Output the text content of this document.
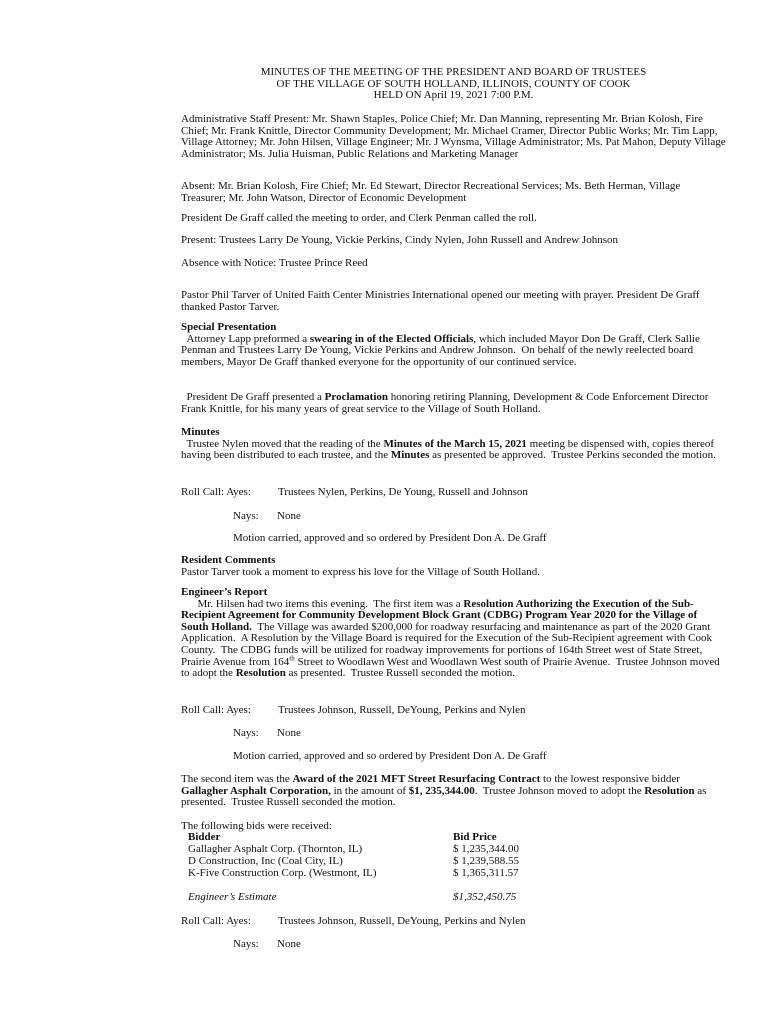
MINUTES OF THE MEETING OF THE PRESIDENT AND BOARD OF TRUSTEES
OF THE VILLAGE OF SOUTH HOLLAND, ILLINOIS, COUNTY OF COOK
HELD ON April 19, 2021 7:00 P.M.

Administrative Staff Present: Mr. Shawn Staples, Police Chief; Mr. Dan Manning, representing Mr. Brian Kolosh, Fire Chief; Mr. Frank Knittle, Director Community Development; Mr. Michael Cramer, Director Public Works; Mr. Tim Lapp, Village Attorney; Mr. John Hilsen, Village Engineer; Mr. J Wynsma, Village Administrator; Ms. Pat Mahon, Deputy Village Administrator; Ms. Julia Huisman, Public Relations and Marketing Manager

Absent: Mr. Brian Kolosh, Fire Chief; Mr. Ed Stewart, Director Recreational Services; Ms. Beth Herman, Village Treasurer; Mr. John Watson, Director of Economic Development

President De Graff called the meeting to order, and Clerk Penman called the roll.

Present: Trustees Larry De Young, Vickie Perkins, Cindy Nylen, John Russell and Andrew Johnson

Absence with Notice: Trustee Prince Reed

Pastor Phil Tarver of United Faith Center Ministries International opened our meeting with prayer. President De Graff thanked Pastor Tarver.

Special Presentation
Attorney Lapp preformed a swearing in of the Elected Officials, which included Mayor Don De Graff, Clerk Sallie Penman and Trustees Larry De Young, Vickie Perkins and Andrew Johnson.  On behalf of the newly reelected board members, Mayor De Graff thanked everyone for the opportunity of our continued service.
President De Graff presented a Proclamation honoring retiring Planning, Development & Code Enforcement Director Frank Knittle, for his many years of great service to the Village of South Holland.
Minutes
Trustee Nylen moved that the reading of the Minutes of the March 15, 2021 meeting be dispensed with, copies thereof having been distributed to each trustee, and the Minutes as presented be approved.  Trustee Perkins seconded the motion.
Roll Call: Ayes: Trustees Nylen, Perkins, De Young, Russell and Johnson
Nays: None
Motion carried, approved and so ordered by President Don A. De Graff
Resident Comments
Pastor Tarver took a moment to express his love for the Village of South Holland.
Engineer’s Report
Mr. Hilsen had two items this evening.  The first item was a Resolution Authorizing the Execution of the Sub-Recipient Agreement for Community Development Block Grant (CDBG) Program Year 2020 for the Village of South Holland.  The Village was awarded $200,000 for roadway resurfacing and maintenance as part of the 2020 Grant Application.  A Resolution by the Village Board is required for the Execution of the Sub-Recipient agreement with Cook County.  The CDBG funds will be utilized for roadway improvements for portions of 164th Street west of State Street, Prairie Avenue from 164th Street to Woodlawn West and Woodlawn West south of Prairie Avenue.  Trustee Johnson moved to adopt the Resolution as presented.  Trustee Russell seconded the motion.
Roll Call: Ayes: Trustees Johnson, Russell, DeYoung, Perkins and Nylen
Nays: None
Motion carried, approved and so ordered by President Don A. De Graff
The second item was the Award of the 2021 MFT Street Resurfacing Contract to the lowest responsive bidder Gallagher Asphalt Corporation, in the amount of $1, 235,344.00.  Trustee Johnson moved to adopt the Resolution as presented.  Trustee Russell seconded the motion.
The following bids were received:
Bidder	Bid Price
Gallagher Asphalt Corp. (Thornton, IL)	$ 1,235,344.00
D Construction, Inc (Coal City, IL)	$ 1,239,588.55
K-Five Construction Corp. (Westmont, IL)	$ 1,365,311.57
Engineer’s Estimate	$1,352,450.75
Roll Call: Ayes: Trustees Johnson, Russell, DeYoung, Perkins and Nylen
Nays: None
